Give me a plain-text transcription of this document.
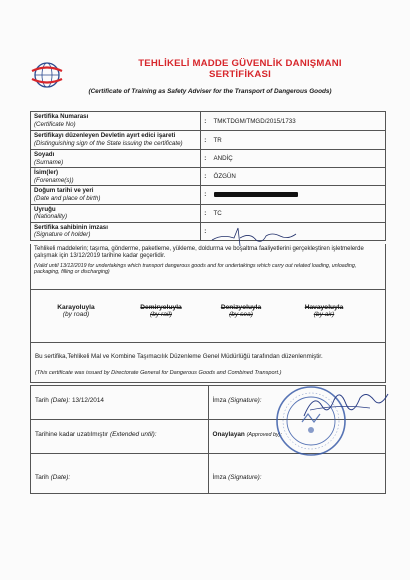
TEHLİKELİ MADDE GÜVENLİK DANIŞMANI
SERTİFİKASI
(Certificate of Training as Safety Adviser for the Transport of Dangerous Goods)
Sertifika Numarası
(Certificate No)	:	TMKTDGM/TMGD/2015/1733

Sertifikayı düzenleyen Devletin ayırt edici işareti
(Distinguishing sign of the State issuing the certificate)	:	TR

Soyadı
(Surname)	:	ANDİÇ

İsim(ler)
(Forename(s))	:	ÖZGÜN

Doğum tarihi ve yeri
(Date and place of birth)	:	

Uyruğu
(Nationality)	:	TC

Sertifika sahibinin imzası
(Signature of holder)	:	
Tehlikeli maddelerin; taşıma, gönderme, paketleme, yükleme, doldurma ve boşaltma faaliyetlerini gerçekleştiren işletmelerde çalışmak için 13/12/2019 tarihine kadar geçerlidir.
(Valid until 13/12/2019 for undertakings which transport dangerous goods and for undertakings which carry out related loading, unloading, packaging, filling or discharging)
Karayoluyla
(by road)
Demiryoluyla
(by rail)
Denizyoluyla
(by sea)
Havayoluyla
(by air)
Bu sertifika,Tehlikeli Mal ve Kombine Taşımacılık Düzenleme Genel Müdürlüğü tarafından düzenlenmiştir.
(This certificate was issued by Directorate General for Dangerous Goods and Combined Transport.)
Tarih (Date): 13/12/2014	İmza (Signature):
Tarihine kadar uzatılmıştır (Extended until):	Onaylayan (Approved by):
Tarih (Date):	İmza (Signature):
